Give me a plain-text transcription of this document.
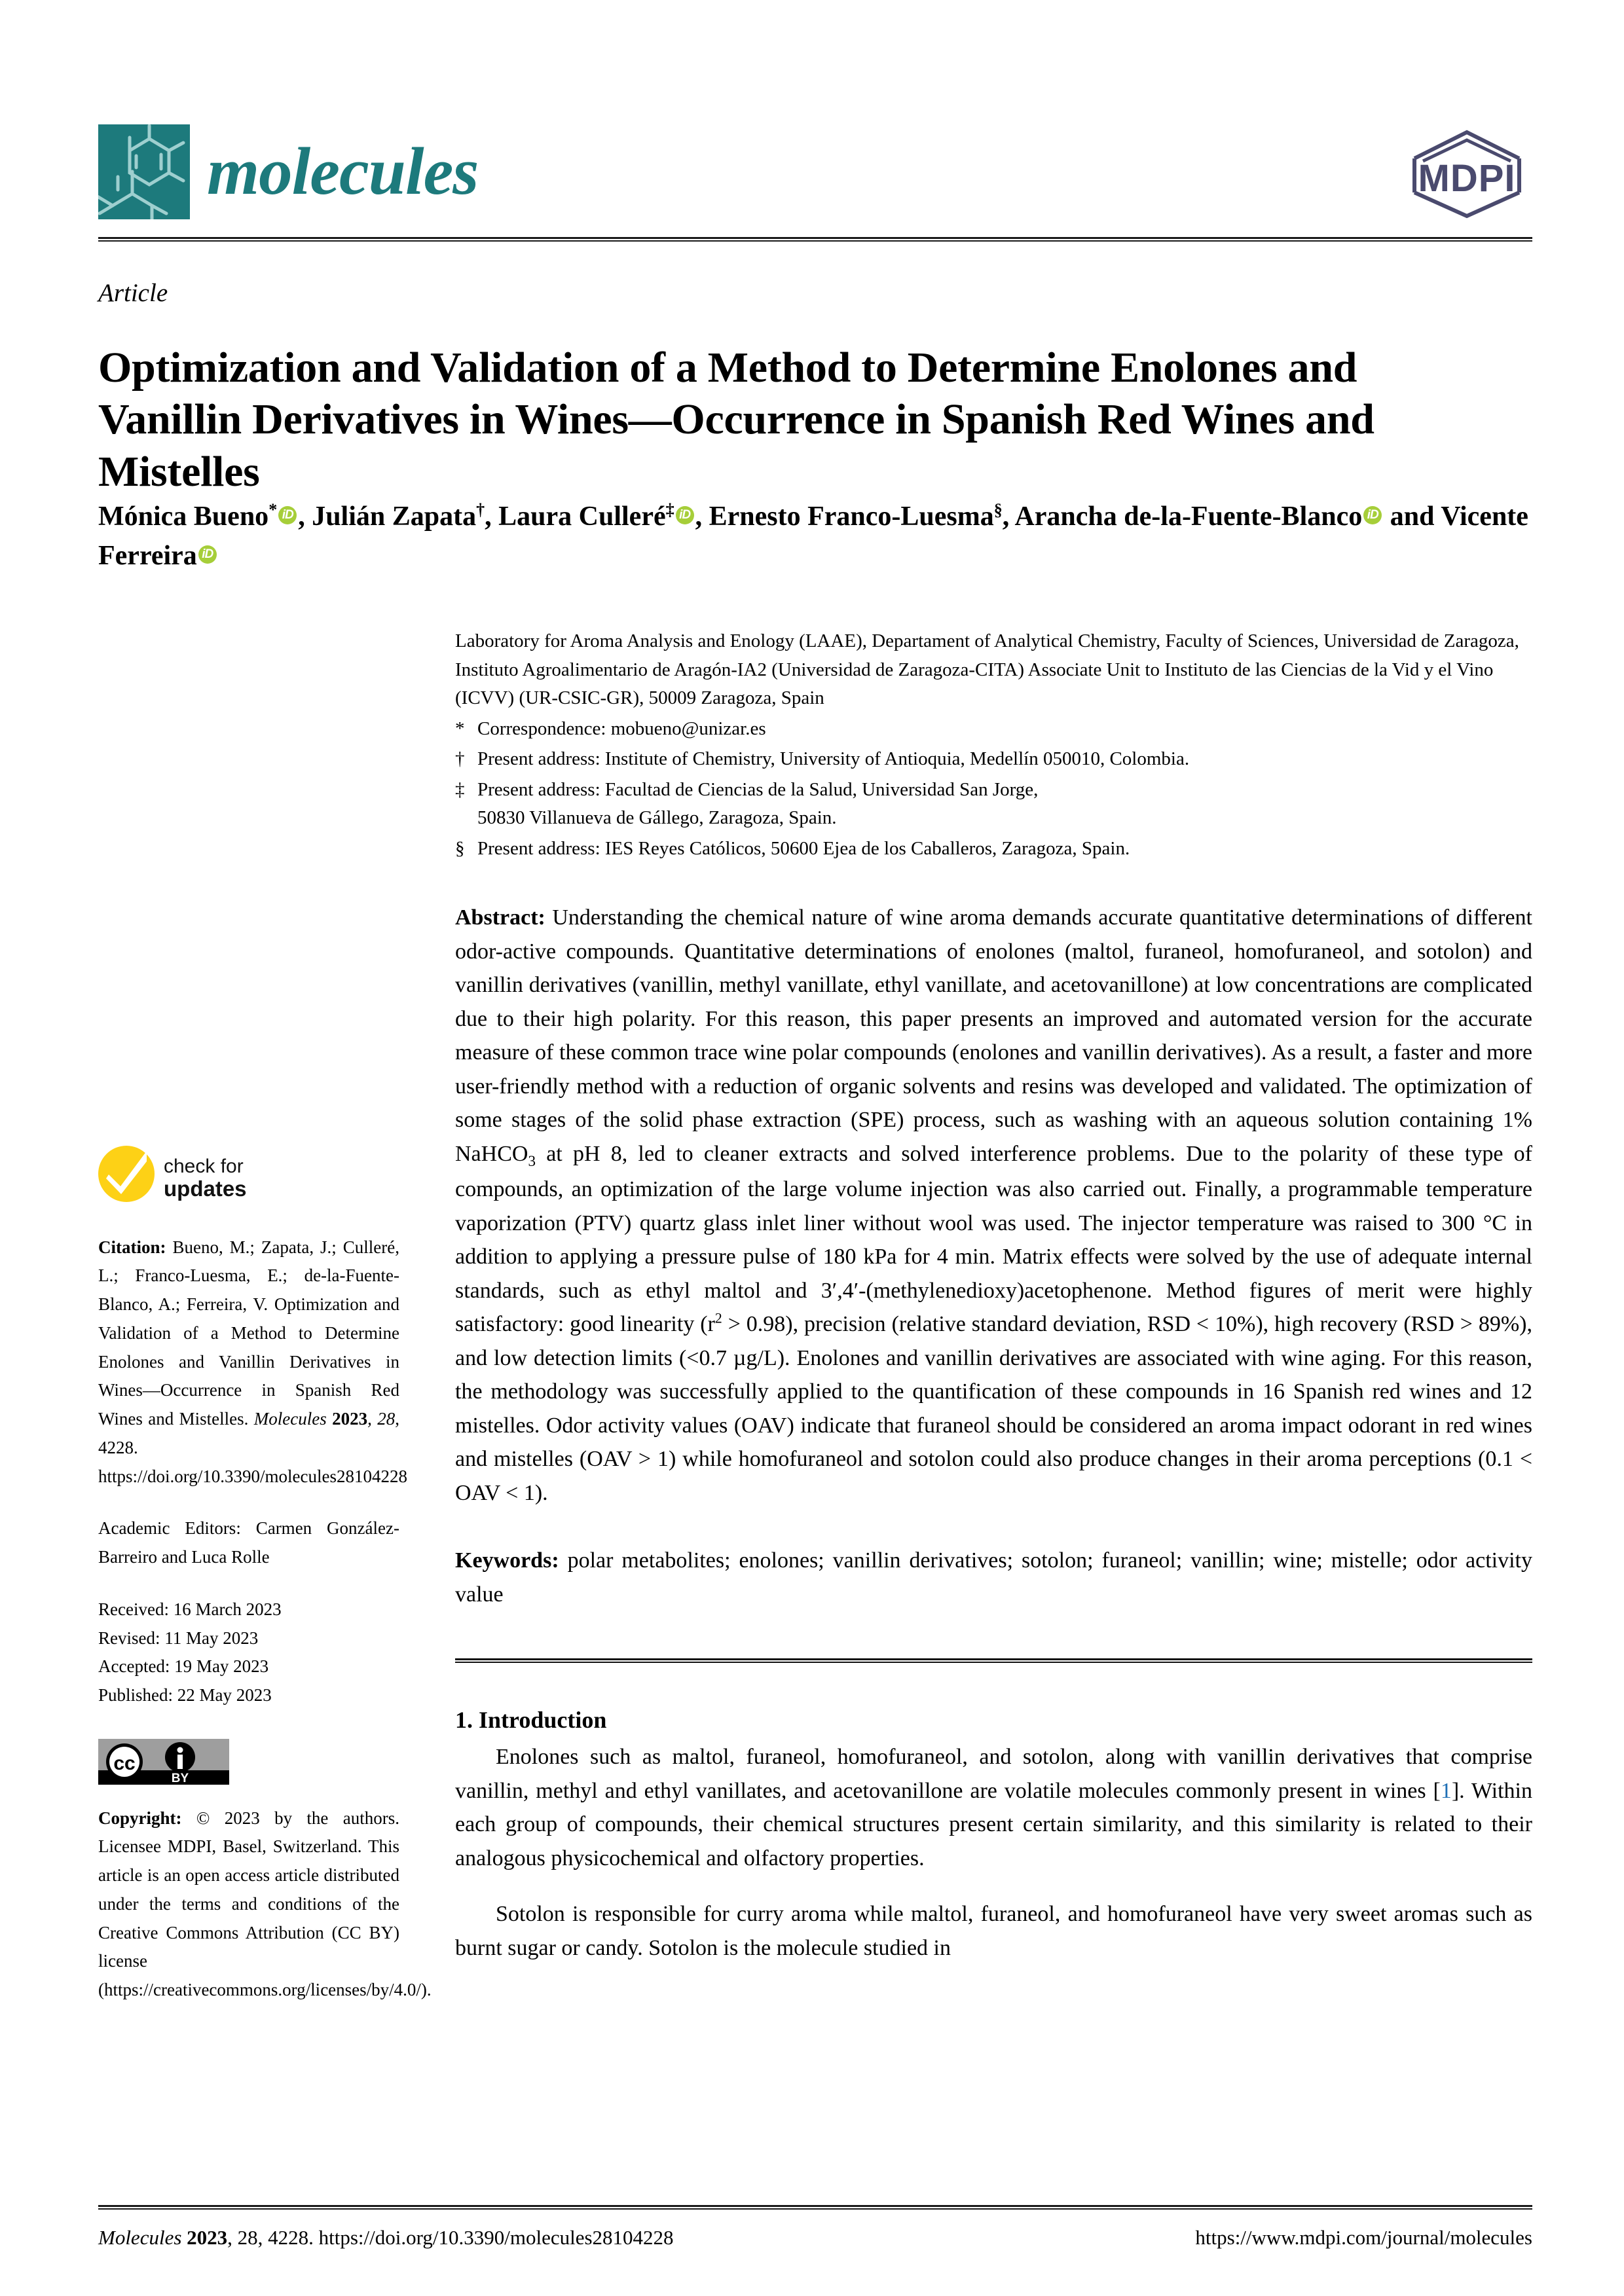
molecules	MDPI
Article
Optimization and Validation of a Method to Determine Enolones and Vanillin Derivatives in Wines—Occurrence in Spanish Red Wines and Mistelles
Mónica Bueno* iD , Julián Zapata†, Laura Culleré‡ iD , Ernesto Franco-Luesma§, Arancha de-la-Fuente-Blanco iD and Vicente Ferreira iD
check for
updates
Citation: Bueno, M.; Zapata, J.; Culleré, L.; Franco-Luesma, E.; de-la-Fuente-Blanco, A.; Ferreira, V. Optimization and Validation of a Method to Determine Enolones and Vanillin Derivatives in Wines—Occurrence in Spanish Red Wines and Mistelles. Molecules 2023, 28, 4228. https://doi.org/10.3390/molecules28104228
Academic Editors: Carmen González-Barreiro and Luca Rolle
Received: 16 March 2023
Revised: 11 May 2023
Accepted: 19 May 2023
Published: 22 May 2023
cc
BY
Copyright: © 2023 by the authors. Licensee MDPI, Basel, Switzerland. This article is an open access article distributed under the terms and conditions of the Creative Commons Attribution (CC BY) license (https://creativecommons.org/licenses/by/4.0/).

Laboratory for Aroma Analysis and Enology (LAAE), Departament of Analytical Chemistry, Faculty of Sciences, Universidad de Zaragoza, Instituto Agroalimentario de Aragón-IA2 (Universidad de Zaragoza-CITA) Associate Unit to Instituto de las Ciencias de la Vid y el Vino (ICVV) (UR-CSIC-GR), 50009 Zaragoza, Spain

* Correspondence: mobueno@unizar.es
† Present address: Institute of Chemistry, University of Antioquia, Medellín 050010, Colombia.
‡ Present address: Facultad de Ciencias de la Salud, Universidad San Jorge,

50830 Villanueva de Gállego, Zaragoza, Spain.

§ Present address: IES Reyes Católicos, 50600 Ejea de los Caballeros, Zaragoza, Spain.
Abstract: Understanding the chemical nature of wine aroma demands accurate quantitative determinations of different odor-active compounds. Quantitative determinations of enolones (maltol, furaneol, homofuraneol, and sotolon) and vanillin derivatives (vanillin, methyl vanillate, ethyl vanillate, and acetovanillone) at low concentrations are complicated due to their high polarity. For this reason, this paper presents an improved and automated version for the accurate measure of these common trace wine polar compounds (enolones and vanillin derivatives). As a result, a faster and more user-friendly method with a reduction of organic solvents and resins was developed and validated. The optimization of some stages of the solid phase extraction (SPE) process, such as washing with an aqueous solution containing 1% NaHCO$_3$ at pH 8, led to cleaner extracts and solved interference problems. Due to the polarity of these type of compounds, an optimization of the large volume injection was also carried out. Finally, a programmable temperature vaporization (PTV) quartz glass inlet liner without wool was used. The injector temperature was raised to 300 °C in addition to applying a pressure pulse of 180 kPa for 4 min. Matrix effects were solved by the use of adequate internal standards, such as ethyl maltol and 3′,4′-(methylenedioxy)acetophenone. Method figures of merit were highly satisfactory: good linearity $(r^2 > 0.98)$, precision (relative standard deviation, RSD < 10%), high recovery (RSD > 89%), and low detection limits (<0.7 µg/L). Enolones and vanillin derivatives are associated with wine aging. For this reason, the methodology was successfully applied to the quantification of these compounds in 16 Spanish red wines and 12 mistelles. Odor activity values (OAV) indicate that furaneol should be considered an aroma impact odorant in red wines and mistelles (OAV > 1) while homofuraneol and sotolon could also produce changes in their aroma perceptions (0.1 < OAV < 1).
Keywords: polar metabolites; enolones; vanillin derivatives; sotolon; furaneol; vanillin; wine; mistelle; odor activity value
1. Introduction

Enolones such as maltol, furaneol, homofuraneol, and sotolon, along with vanillin derivatives that comprise vanillin, methyl and ethyl vanillates, and acetovanillone are volatile molecules commonly present in wines [1]. Within each group of compounds, their chemical structures present certain similarity, and this similarity is related to their analogous physicochemical and olfactory properties.

Sotolon is responsible for curry aroma while maltol, furaneol, and homofuraneol have very sweet aromas such as burnt sugar or candy. Sotolon is the molecule studied in

Molecules 2023, 28, 4228. https://doi.org/10.3390/molecules28104228	https://www.mdpi.com/journal/molecules
